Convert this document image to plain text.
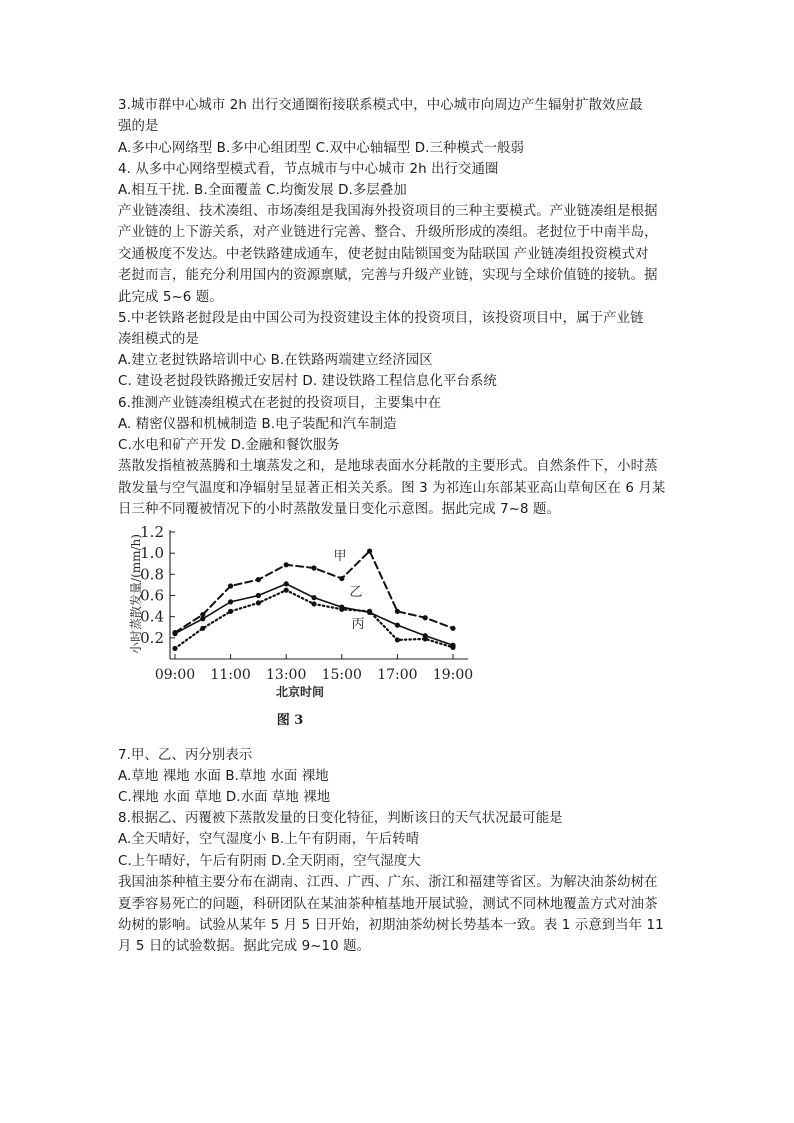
3.城市群中心城市 2h 出行交通圈衔接联系模式中，中心城市向周边产生辐射扩散效应最
强的是
A.多中心网络型 B.多中心组团型 C.双中心轴辐型 D.三种模式一般弱
4. 从多中心网络型模式看，节点城市与中心城市 2h 出行交通圈
A.相互干扰. B.全面覆盖 C.均衡发展 D.多层叠加
产业链凑组、技术凑组、市场凑组是我国海外投资项目的三种主要模式。产业链凑组是根据
产业链的上下游关系，对产业链进行完善、整合、升级所形成的凑组。老挝位于中南半岛，
交通极度不发达。中老铁路建成通车，使老挝由陆锁国变为陆联国 产业链凑组投资模式对
老挝而言，能充分利用国内的资源禀赋，完善与升级产业链，实现与全球价值链的接轨。据
此完成 5~6 题。
5.中老铁路老挝段是由中国公司为投资建设主体的投资项目，该投资项目中，属于产业链
凑组模式的是
A.建立老挝铁路培训中心 B.在铁路两端建立经济园区
C. 建设老挝段铁路搬迁安居村 D. 建设铁路工程信息化平台系统
6.推测产业链凑组模式在老挝的投资项目，主要集中在
A. 精密仪器和机械制造 B.电子装配和汽车制造
C.水电和矿产开发 D.金融和餐饮服务
蒸散发指植被蒸腾和土壤蒸发之和，是地球表面水分耗散的主要形式。自然条件下，小时蒸
散发量与空气温度和净辐射呈显著正相关关系。图 3 为祁连山东部某亚高山草甸区在 6 月某
日三种不同覆被情况下的小时蒸散发量日变化示意图。据此完成 7~8 题。
7.甲、乙、丙分别表示
A.草地 裸地 水面 B.草地 水面 裸地
C.裸地 水面 草地 D.水面 草地 裸地
8.根据乙、丙覆被下蒸散发量的日变化特征，判断该日的天气状况最可能是
A.全天晴好，空气湿度小 B.上午有阴雨，午后转晴
C.上午晴好，午后有阴雨 D.全天阴雨，空气湿度大
我国油茶种植主要分布在湖南、江西、广西、广东、浙江和福建等省区。为解决油茶幼树在
夏季容易死亡的问题，科研团队在某油茶种植基地开展试验，测试不同林地覆盖方式对油茶
幼树的影响。试验从某年 5 月 5 日开始，初期油茶幼树长势基本一致。表 1 示意到当年 11
月 5 日的试验数据。据此完成 9~10 题。
0.2
0.4
0.6
0.8
1.0
1.2
09:00 11:00 13:00 15:00 17:00 19:00
甲
乙
丙
小时蒸散发量/(mm/h)
北京时间
图 3
